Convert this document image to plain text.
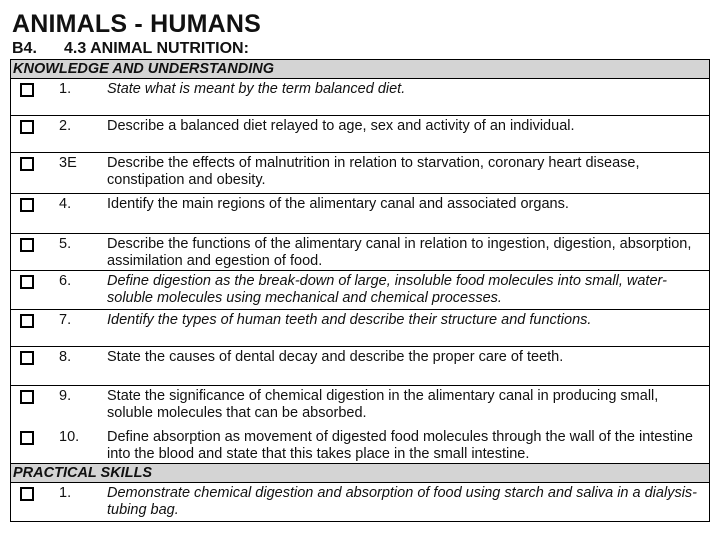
ANIMALS - HUMANS
B4. 4.3 ANIMAL NUTRITION:
KNOWLEDGE AND UNDERSTANDING
1. State what is meant by the term balanced diet.
2. Describe a balanced diet relayed to age, sex and activity of an individual.
3E Describe the effects of malnutrition in relation to starvation, coronary heart disease, constipation and obesity.
4. Identify the main regions of the alimentary canal and associated organs.
5. Describe the functions of the alimentary canal in relation to ingestion, digestion, absorption, assimilation and egestion of food.
6. Define digestion as the break-down of large, insoluble food molecules into small, water-soluble molecules using mechanical and chemical processes.
7. Identify the types of human teeth and describe their structure and functions.
8. State the causes of dental decay and describe the proper care of teeth.
9. State the significance of chemical digestion in the alimentary canal in producing small, soluble molecules that can be absorbed.
10. Define absorption as movement of digested food molecules through the wall of the intestine into the blood and state that this takes place in the small intestine.
PRACTICAL SKILLS
1. Demonstrate chemical digestion and absorption of food using starch and saliva in a dialysis-tubing bag.
